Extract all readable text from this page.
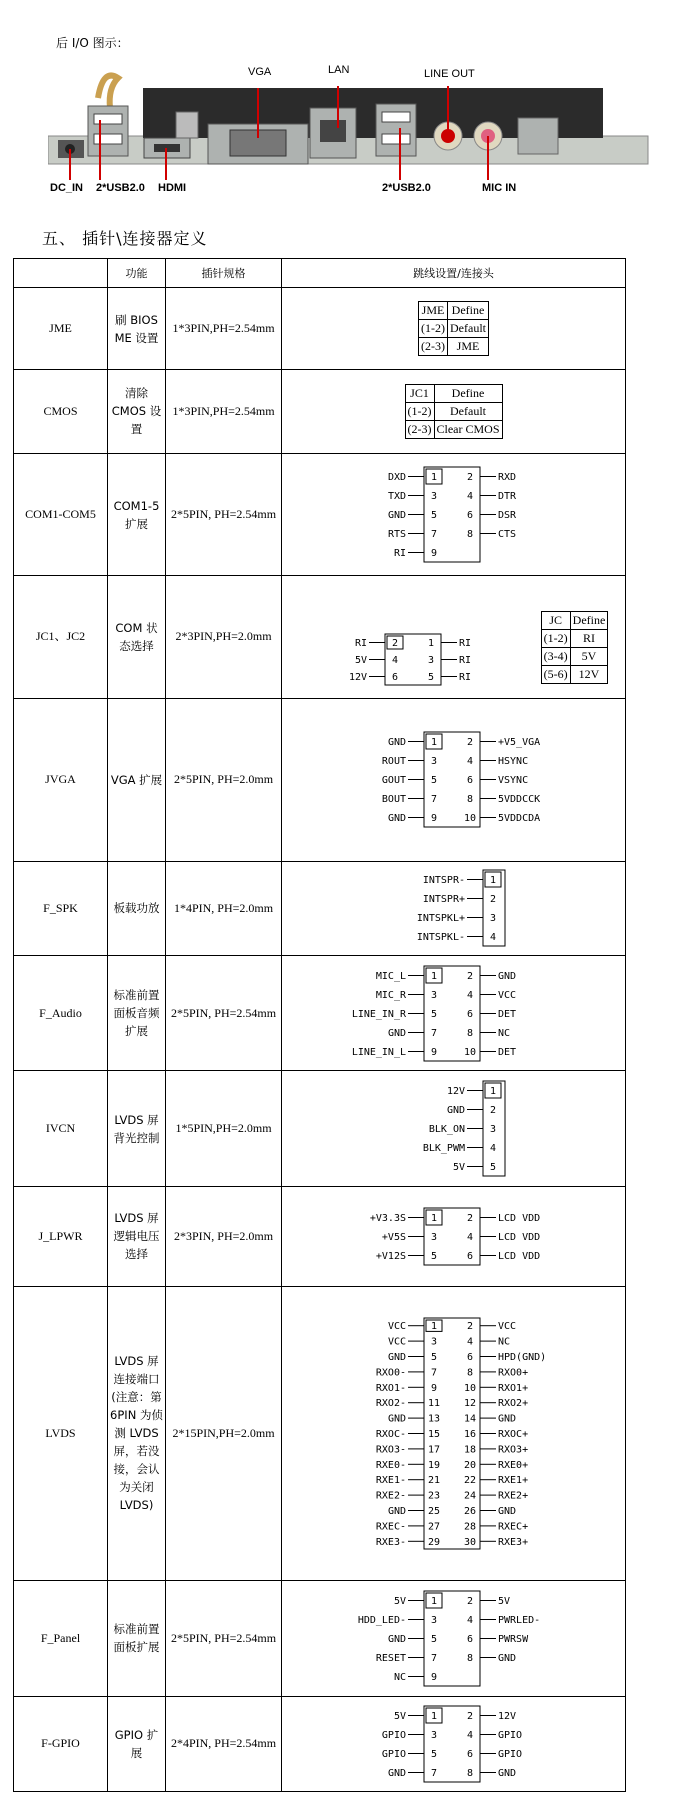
后 I/O 图示：
VGA	LAN	LINE OUT
DC_IN 2*USB2.0 HDMI	2*USB2.0	MIC IN
五、 插针\连接器定义
	功能	插针规格	跳线设置/连接头
JME	刷 BIOS ME 设置	1*3PIN,PH=2.54mm	
JME	Define
(1-2)	Default
(2-3)	JME

CMOS	清除 CMOS 设置	1*3PIN,PH=2.54mm	
JC1	Define
(1-2)	Default
(2-3)	Clear CMOS

COM1-COM5	COM1-5 扩展	2*5PIN, PH=2.54mm	
DXD 1	2 RXD
TXD 3	4 DTR
GND 5	6 DSR
RTS 7	8 CTS
RI 9

JC1、JC2	COM 状态选择	2*3PIN,PH=2.0mm	
RI 2	1 RI
5V 4	3 RI
12V 6	5 RI
JC	Define
(1-2)	RI
(3-4)	5V
(5-6)	12V

JVGA	VGA 扩展	2*5PIN, PH=2.0mm	
GND 1	2 +V5_VGA
ROUT 3	4 HSYNC
GOUT 5	6 VSYNC
BOUT 7	8 5VDDCCK
GND 9	10 5VDDCDA

F_SPK	板载功放	1*4PIN, PH=2.0mm	
INTSPR- 1
INTSPR+ 2
INTSPKL+ 3
INTSPKL- 4

F_Audio	标准前置面板音频扩展	2*5PIN, PH=2.54mm	
MIC_L 1	2 GND
MIC_R 3	4 VCC
LINE_IN_R 5	6 DET
GND 7	8 NC
LINE_IN_L 9	10 DET

IVCN	LVDS 屏背光控制	1*5PIN,PH=2.0mm	
12V 1
GND 2
BLK_ON 3
BLK_PWM 4
5V 5

J_LPWR	LVDS 屏逻辑电压选择	2*3PIN, PH=2.0mm	
+V3.3S 1	2 LCD VDD
+V5S 3	4 LCD VDD
+V12S 5	6 LCD VDD

LVDS	LVDS 屏连接端口(注意：第 6PIN 为侦测 LVDS 屏，若没接，会认为关闭 LVDS)	2*15PIN,PH=2.0mm	
VCC 1	2 VCC
VCC 3	4 NC
GND 5	6 HPD(GND)
RXO0- 7	8 RXO0+
RXO1- 9	10 RXO1+
RXO2- 11 12 RXO2+
GND 13 14 GND
RXOC- 15 16 RXOC+
RXO3- 17 18 RXO3+
RXE0- 19 20 RXE0+
RXE1- 21 22 RXE1+
RXE2- 23 24 RXE2+
GND 25 26 GND
RXEC- 27 28 RXEC+
RXE3- 29 30 RXE3+

F_Panel	标准前置面板扩展	2*5PIN, PH=2.54mm	
5V 1	2 5V
HDD_LED- 3	4 PWRLED-
GND 5	6 PWRSW
RESET 7	8 GND
NC 9

F-GPIO	GPIO 扩展	2*4PIN, PH=2.54mm	
5V 1	2 12V
GPIO 3	4 GPIO
GPIO 5	6 GPIO
GND 7	8 GND
